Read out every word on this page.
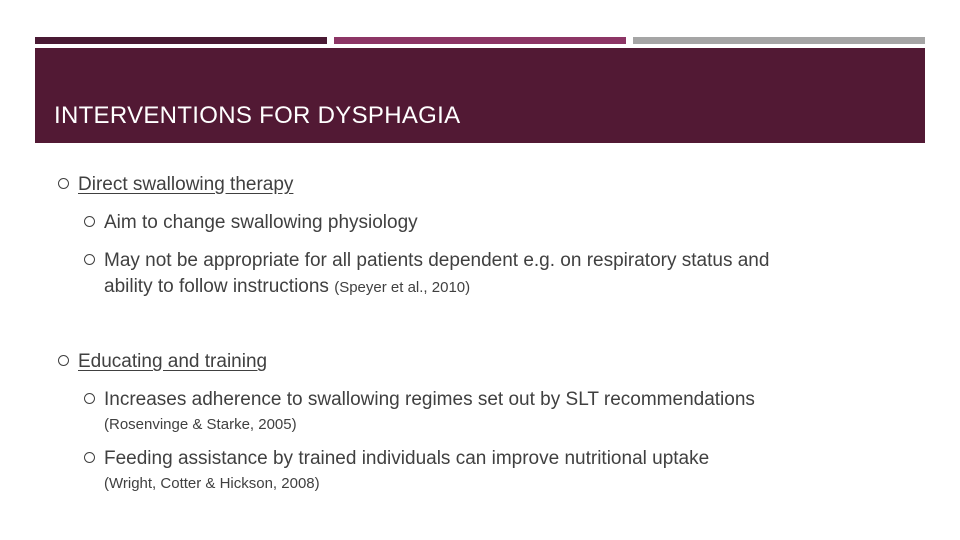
INTERVENTIONS FOR DYSPHAGIA
Direct swallowing therapy
Aim to change swallowing physiology
May not be appropriate for all patients dependent e.g. on respiratory status and
ability to follow instructions (Speyer et al., 2010)
Educating and training
Increases adherence to swallowing regimes set out by SLT recommendations
(Rosenvinge & Starke, 2005)
Feeding assistance by trained individuals can improve nutritional uptake
(Wright, Cotter & Hickson, 2008)
